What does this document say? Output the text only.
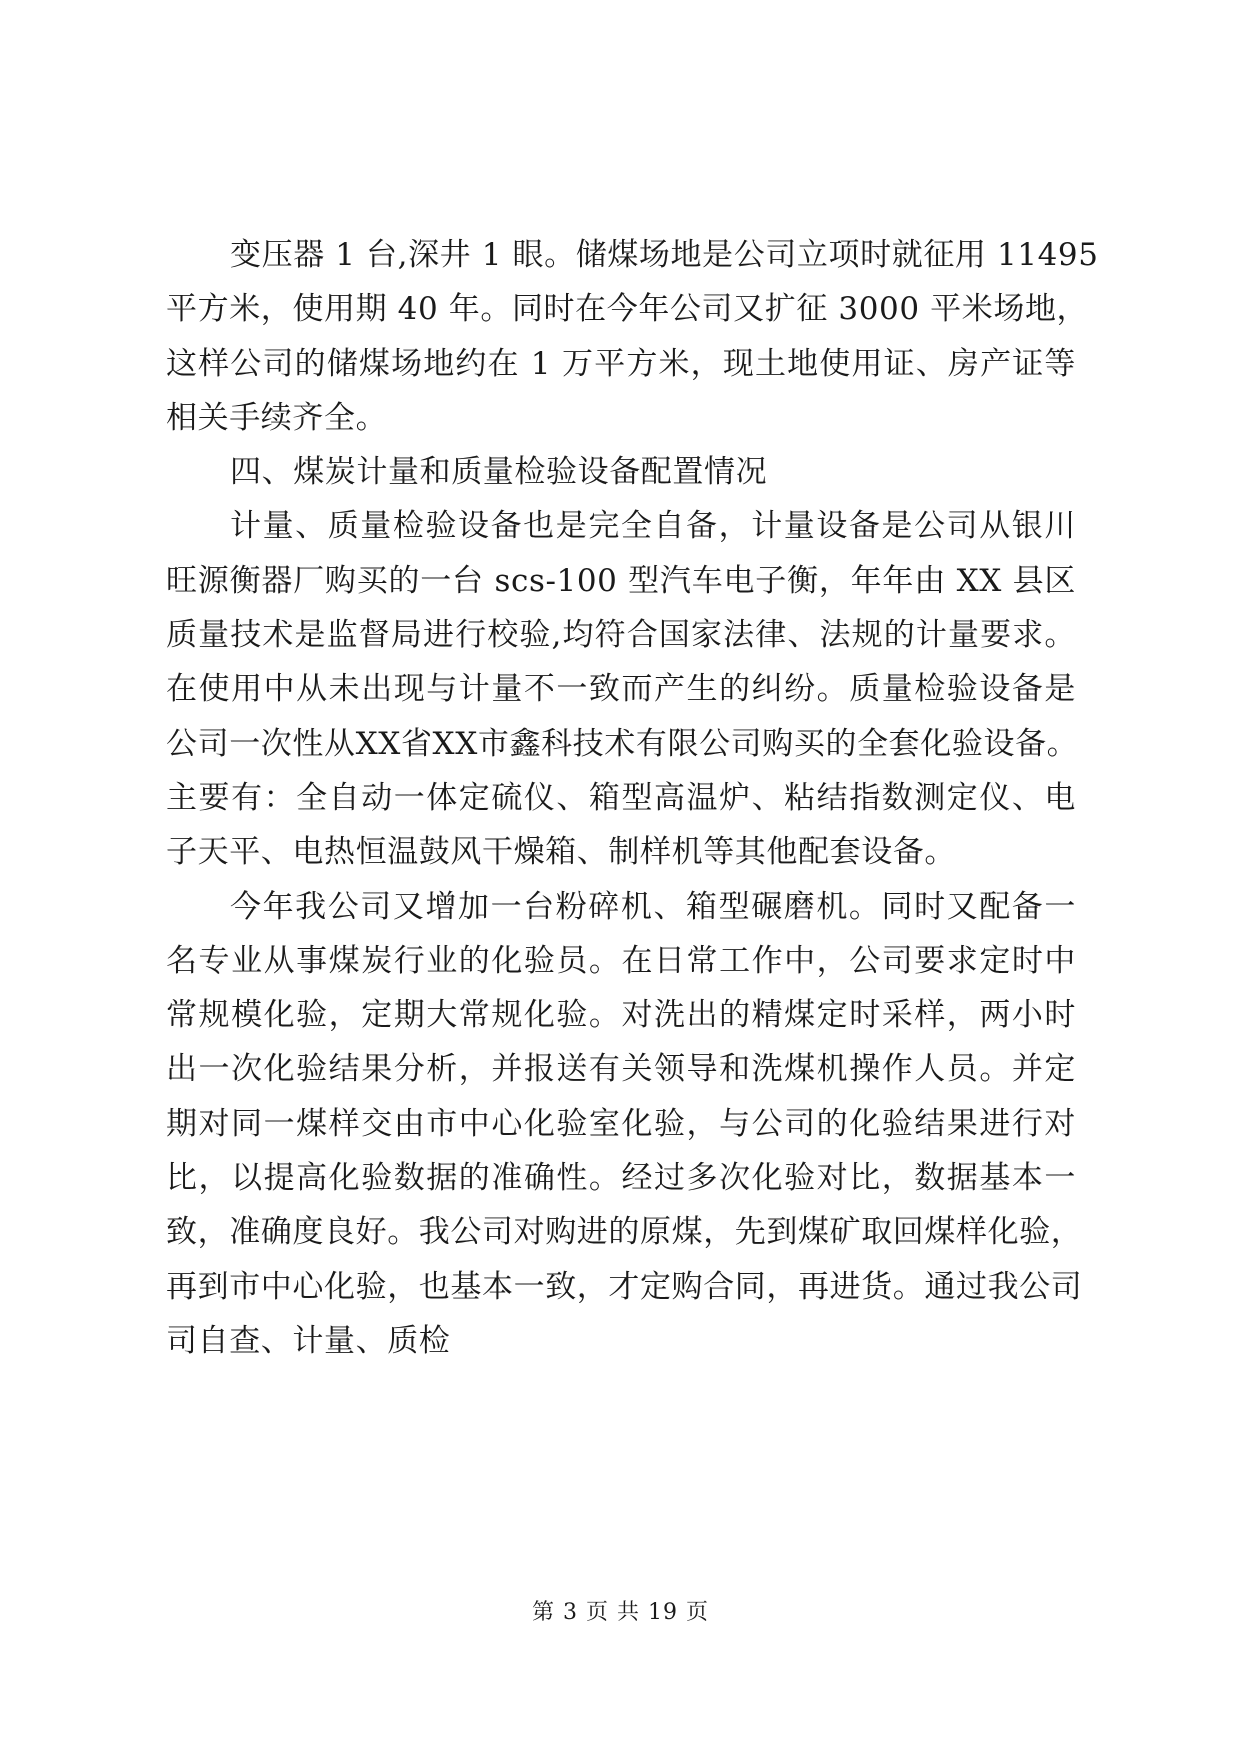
变压器 1 台,深井 1 眼。储煤场地是公司立项时就征用 11495
平方米，使用期 40 年。同时在今年公司又扩征 3000 平米场地，
这样公司的储煤场地约在 1 万平方米，现土地使用证、房产证等
相关手续齐全。
四、煤炭计量和质量检验设备配置情况
计量、质量检验设备也是完全自备，计量设备是公司从银川
旺源衡器厂购买的一台 scs-100 型汽车电子衡，年年由 XX 县区
质量技术是监督局进行校验,均符合国家法律、法规的计量要求。
在使用中从未出现与计量不一致而产生的纠纷。质量检验设备是
公司一次性从XX省XX市鑫科技术有限公司购买的全套化验设备。
主要有：全自动一体定硫仪、箱型高温炉、粘结指数测定仪、电
子天平、电热恒温鼓风干燥箱、制样机等其他配套设备。
今年我公司又增加一台粉碎机、箱型碾磨机。同时又配备一
名专业从事煤炭行业的化验员。在日常工作中，公司要求定时中
常规模化验，定期大常规化验。对洗出的精煤定时采样，两小时
出一次化验结果分析，并报送有关领导和洗煤机操作人员。并定
期对同一煤样交由市中心化验室化验，与公司的化验结果进行对
比，以提高化验数据的准确性。经过多次化验对比，数据基本一
致，准确度良好。我公司对购进的原煤，先到煤矿取回煤样化验，
再到市中心化验，也基本一致，才定购合同，再进货。通过我公司
司自查、计量、质检
第 3 页 共 19 页
